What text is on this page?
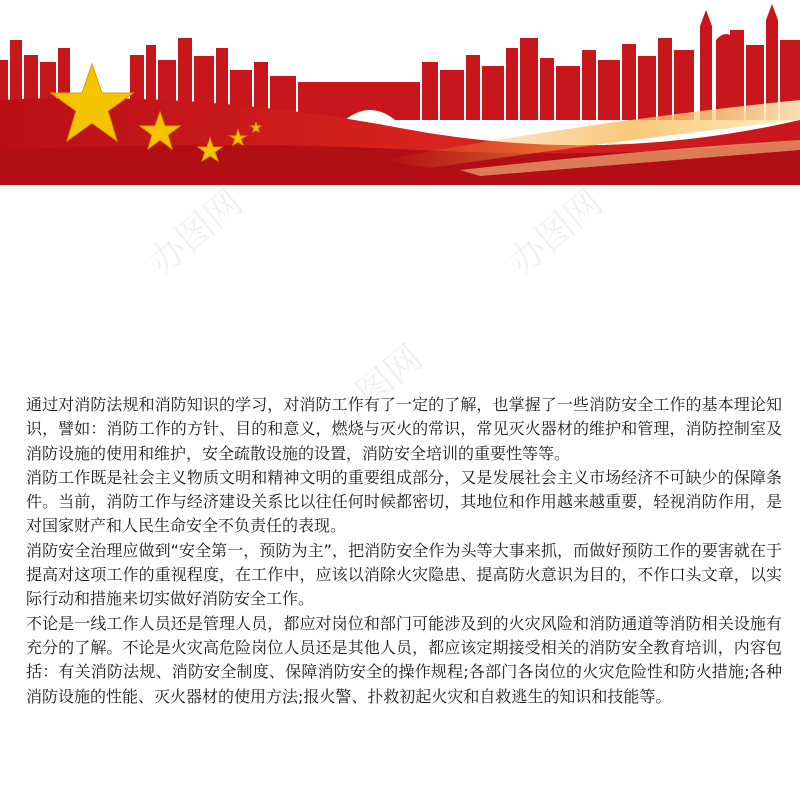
办图网	办图网
办图网

通过对消防法规和消防知识的学习，对消防工作有了一定的了解，也掌握了一些消防安全工作的基本理论知识，譬如：消防工作的方针、目的和意义，燃烧与灭火的常识，常见灭火器材的维护和管理，消防控制室及消防设施的使用和维护，安全疏散设施的设置，消防安全培训的重要性等等。

消防工作既是社会主义物质文明和精神文明的重要组成部分，又是发展社会主义市场经济不可缺少的保障条件。当前，消防工作与经济建设关系比以往任何时候都密切，其地位和作用越来越重要，轻视消防作用，是对国家财产和人民生命安全不负责任的表现。

消防安全治理应做到“安全第一，预防为主”，把消防安全作为头等大事来抓，而做好预防工作的要害就在于提高对这项工作的重视程度，在工作中，应该以消除火灾隐患、提高防火意识为目的，不作口头文章，以实际行动和措施来切实做好消防安全工作。

不论是一线工作人员还是管理人员，都应对岗位和部门可能涉及到的火灾风险和消防通道等消防相关设施有充分的了解。不论是火灾高危险岗位人员还是其他人员，都应该定期接受相关的消防安全教育培训，内容包括：有关消防法规、消防安全制度、保障消防安全的操作规程;各部门各岗位的火灾危险性和防火措施;各种消防设施的性能、灭火器材的使用方法;报火警、扑救初起火灾和自救逃生的知识和技能等。
